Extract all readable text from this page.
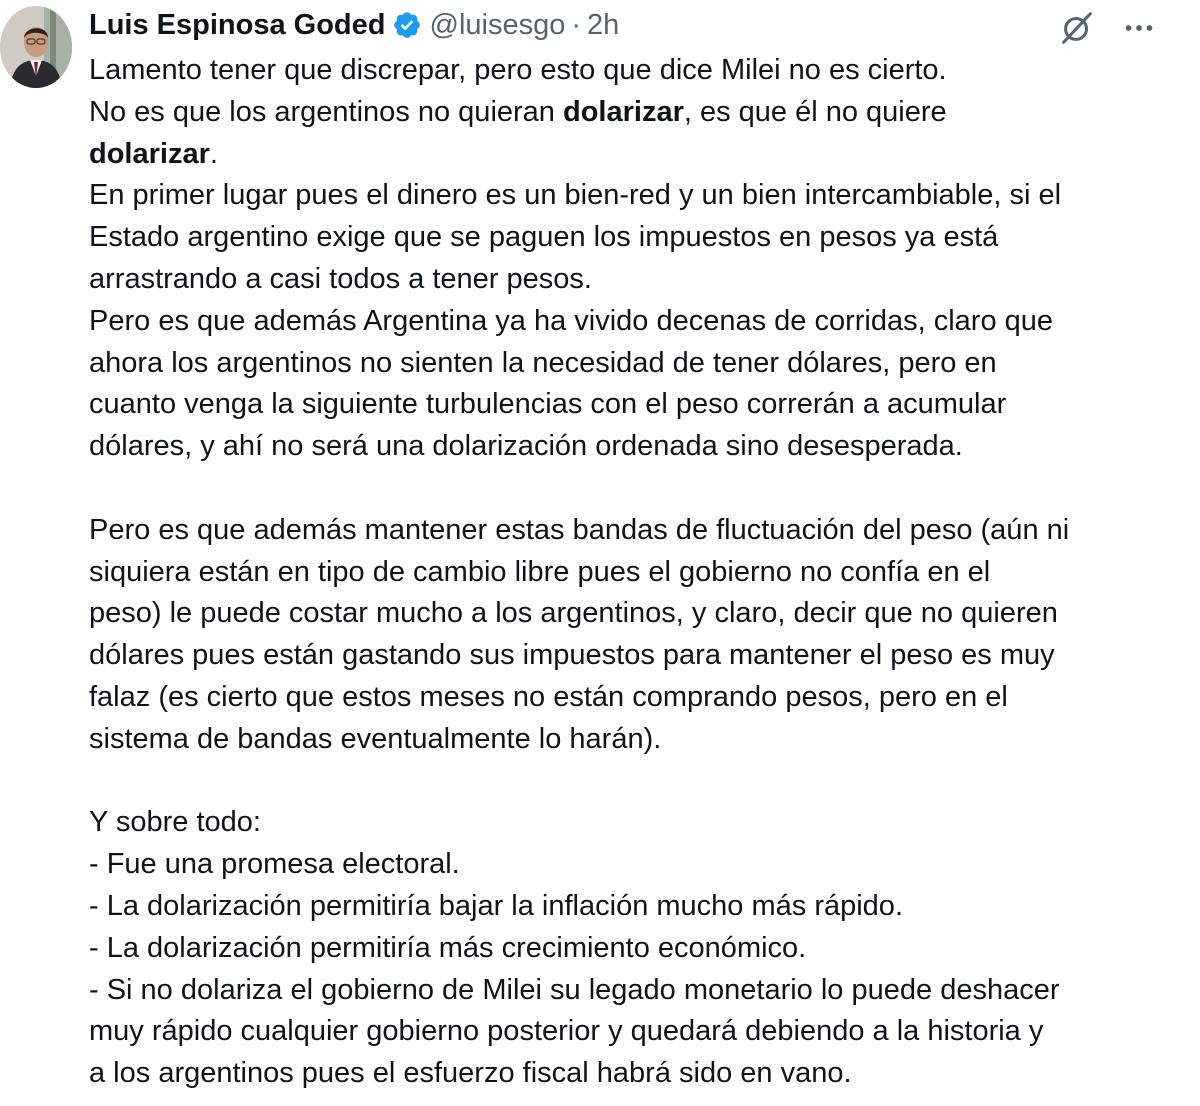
Luis Espinosa Goded @luisesgo · 2h
Lamento tener que discrepar, pero esto que dice Milei no es cierto.
No es que los argentinos no quieran dolarizar, es que él no quiere
dolarizar.
En primer lugar pues el dinero es un bien-red y un bien intercambiable, si el
Estado argentino exige que se paguen los impuestos en pesos ya está
arrastrando a casi todos a tener pesos.
Pero es que además Argentina ya ha vivido decenas de corridas, claro que
ahora los argentinos no sienten la necesidad de tener dólares, pero en
cuanto venga la siguiente turbulencias con el peso correrán a acumular
dólares, y ahí no será una dolarización ordenada sino desesperada.
Pero es que además mantener estas bandas de fluctuación del peso (aún ni
siquiera están en tipo de cambio libre pues el gobierno no confía en el
peso) le puede costar mucho a los argentinos, y claro, decir que no quieren
dólares pues están gastando sus impuestos para mantener el peso es muy
falaz (es cierto que estos meses no están comprando pesos, pero en el
sistema de bandas eventualmente lo harán).
Y sobre todo:
- Fue una promesa electoral.
- La dolarización permitiría bajar la inflación mucho más rápido.
- La dolarización permitiría más crecimiento económico.
- Si no dolariza el gobierno de Milei su legado monetario lo puede deshacer
muy rápido cualquier gobierno posterior y quedará debiendo a la historia y
a los argentinos pues el esfuerzo fiscal habrá sido en vano.
